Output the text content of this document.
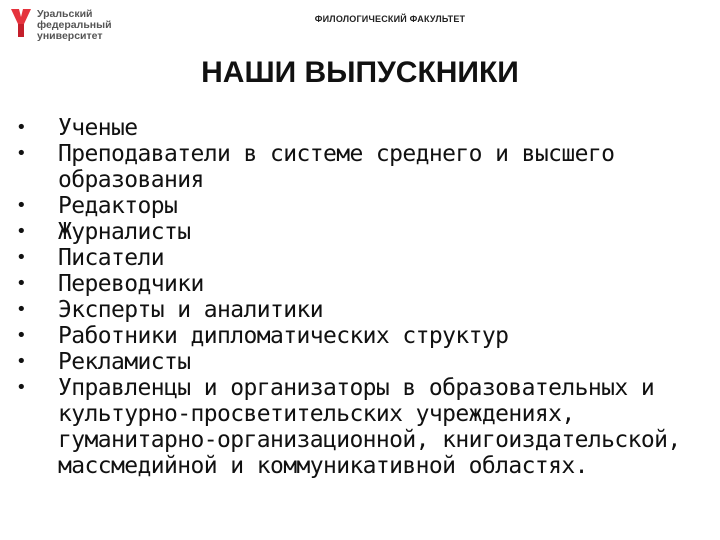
Уральский
федеральный
университет
ФИЛОЛОГИЧЕСКИЙ ФАКУЛЬТЕТ
НАШИ ВЫПУСКНИКИ
•	Ученые
•	Преподаватели в системе среднего и высшего образования
•	Редакторы
•	Журналисты
•	Писатели
•	Переводчики
•	Эксперты и аналитики
•	Работники дипломатических структур
•	Рекламисты
•	Управленцы и организаторы в образовательных и культурно-просветительских учреждениях, гуманитарно-организационной, книгоиздательской, массмедийной и коммуникативной областях.
